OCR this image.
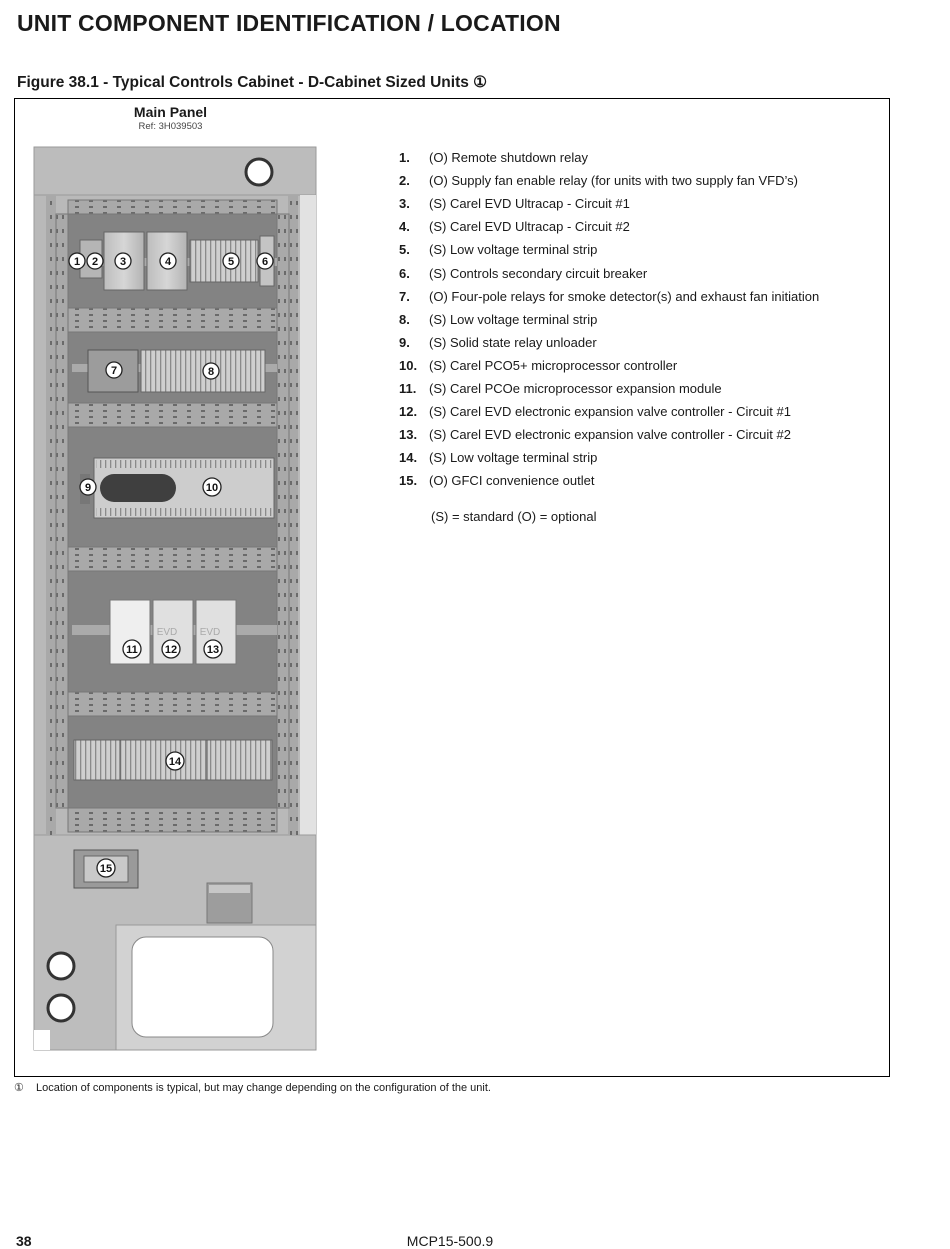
UNIT COMPONENT IDENTIFICATION / LOCATION
Figure 38.1 - Typical Controls Cabinet - D-Cabinet Sized Units ①
EVD EVD
1 2 3	4	5	6
7	8
9	10
11 12	13
14
15
Main Panel
Ref: 3H039503
1.	(O) Remote shutdown relay
2.	(O) Supply fan enable relay (for units with two supply fan VFD’s)
3.	(S) Carel EVD Ultracap - Circuit #1
4.	(S) Carel EVD Ultracap - Circuit #2
5.	(S) Low voltage terminal strip
6.	(S) Controls secondary circuit breaker
7.	(O) Four-pole relays for smoke detector(s) and exhaust fan initiation
8.	(S) Low voltage terminal strip
9.	(S) Solid state relay unloader
10. (S) Carel PCO5+ microprocessor controller
11. (S) Carel PCOe microprocessor expansion module
12. (S) Carel EVD electronic expansion valve controller - Circuit #1
13. (S) Carel EVD electronic expansion valve controller - Circuit #2
14. (S) Low voltage terminal strip
15. (O) GFCI convenience outlet
(S) = standard (O) = optional
① Location of components is typical, but may change depending on the configuration of the unit.
38	MCP15-500.9
